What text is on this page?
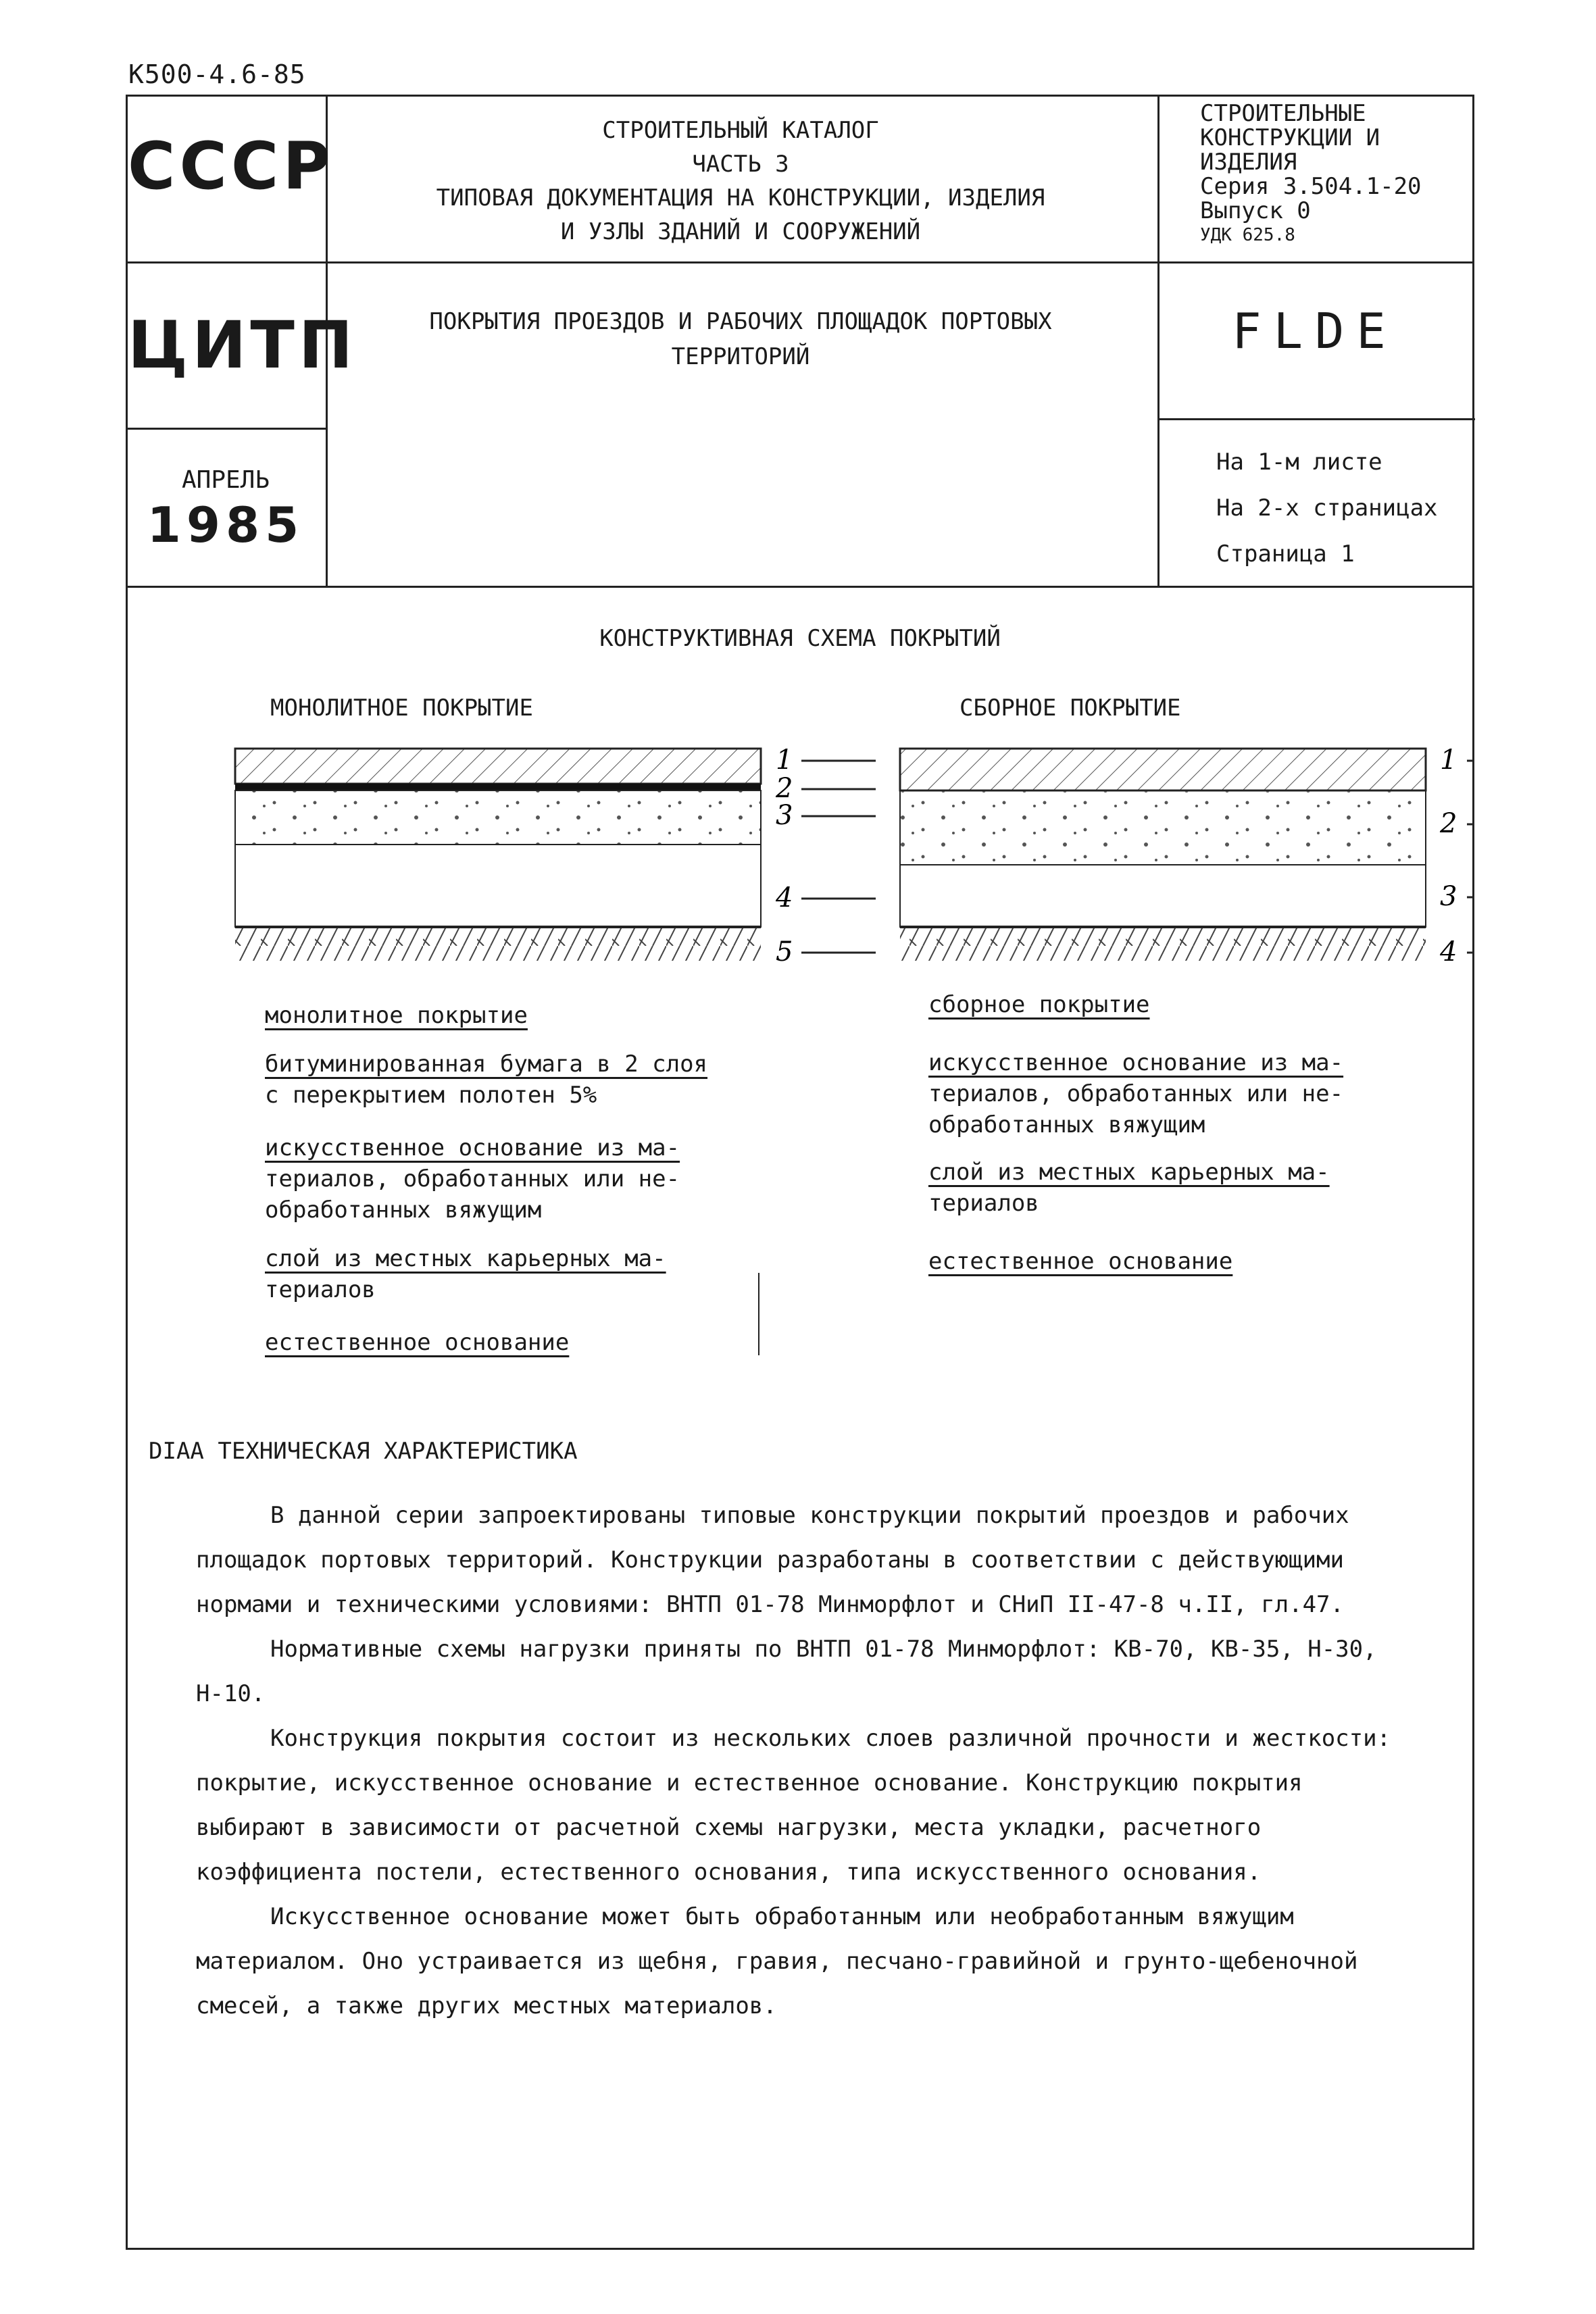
К500-4.6-85
СССР
ЦИТП
АПРЕЛЬ
1985
СТРОИТЕЛЬНЫЙ КАТАЛОГ
ЧАСТЬ 3
ТИПОВАЯ ДОКУМЕНТАЦИЯ НА КОНСТРУКЦИИ, ИЗДЕЛИЯ
И УЗЛЫ ЗДАНИЙ И СООРУЖЕНИЙ
ПОКРЫТИЯ ПРОЕЗДОВ И РАБОЧИХ ПЛОЩАДОК ПОРТОВЫХ
ТЕРРИТОРИЙ
СТРОИТЕЛЬНЫЕ
КОНСТРУКЦИИ И
ИЗДЕЛИЯ
Серия 3.504.1-20
Выпуск 0
УДК 625.8
FLDE
На 1-м листе
На 2-х страницах
Страница 1
КОНСТРУКТИВНАЯ СХЕМА ПОКРЫТИЙ
МОНОЛИТНОЕ ПОКРЫТИЕ	СБОРНОЕ ПОКРЫТИЕ
1
2
3
4
5
1
2
3
4
монолитное покрытие
битуминированная бумага в 2 слоя
с перекрытием полотен 5%
искусственное основание из ма-
териалов, обработанных или не-
обработанных вяжущим
слой из местных карьерных ма-
териалов
естественное основание
сборное покрытие
искусственное основание из ма-
териалов, обработанных или не-
обработанных вяжущим
слой из местных карьерных ма-
териалов
естественное основание
DIAA ТЕХНИЧЕСКАЯ ХАРАКТЕРИСТИКА

В данной серии запроектированы типовые конструкции покрытий проездов и рабочих площадок портовых территорий. Конструкции разработаны в соответствии с действующими нормами и техническими условиями: ВНТП 01-78 Минморфлот и СНиП II-47-8 ч.II, гл.47.

Нормативные схемы нагрузки приняты по ВНТП 01-78 Минморфлот: КВ-70, КВ-35, Н-30, Н-10.

Конструкция покрытия состоит из нескольких слоев различной прочности и жесткости: покрытие, искусственное основание и естественное основание. Конструкцию покрытия выбирают в зависимости от расчетной схемы нагрузки, места укладки, расчетного коэффициента постели, естественного основания, типа искусственного основания.

Искусственное основание может быть обработанным или необработанным вяжущим материалом. Оно устраивается из щебня, гравия, песчано-гравийной и грунто-щебеночной смесей, а также других местных материалов.
